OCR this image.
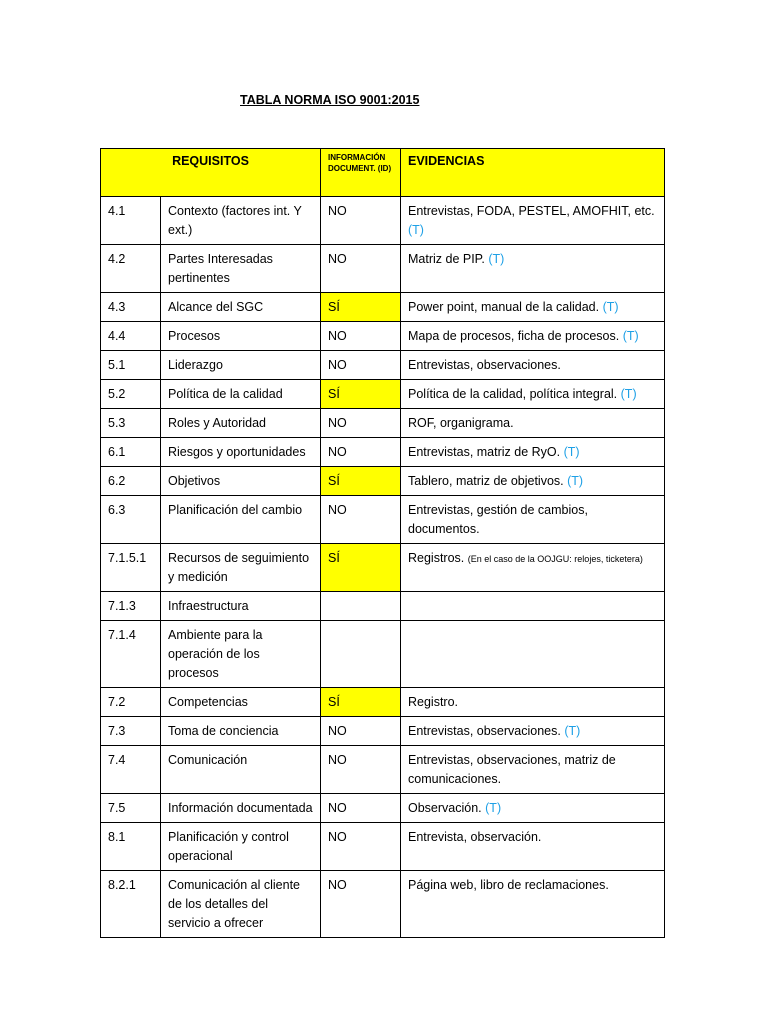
TABLA NORMA ISO 9001:2015
REQUISITOS		INFORMACIÓN DOCUMENT. (ID)	EVIDENCIAS
4.1	Contexto (factores int. Y ext.)	NO	Entrevistas, FODA, PESTEL, AMOFHIT, etc. (T)
4.2	Partes Interesadas pertinentes	NO	Matriz de PIP. (T)
4.3	Alcance del SGC	SÍ	Power point, manual de la calidad. (T)
4.4	Procesos	NO	Mapa de procesos, ficha de procesos. (T)
5.1	Liderazgo	NO	Entrevistas, observaciones.
5.2	Política de la calidad	SÍ	Política de la calidad, política integral. (T)
5.3	Roles y Autoridad	NO	ROF, organigrama.
6.1	Riesgos y oportunidades	NO	Entrevistas, matriz de RyO. (T)
6.2	Objetivos	SÍ	Tablero, matriz de objetivos. (T)
6.3	Planificación del cambio	NO	Entrevistas, gestión de cambios, documentos.
7.1.5.1	Recursos de seguimiento y medición	SÍ	Registros. (En el caso de la OOJGU: relojes, ticketera)
7.1.3	Infraestructura		
7.1.4	Ambiente para la operación de los procesos		
7.2	Competencias	SÍ	Registro.
7.3	Toma de conciencia	NO	Entrevistas, observaciones. (T)
7.4	Comunicación	NO	Entrevistas, observaciones, matriz de comunicaciones.
7.5	Información documentada	NO	Observación. (T)
8.1	Planificación y control operacional	NO	Entrevista, observación.
8.2.1	Comunicación al cliente de los detalles del servicio a ofrecer	NO	Página web, libro de reclamaciones.
